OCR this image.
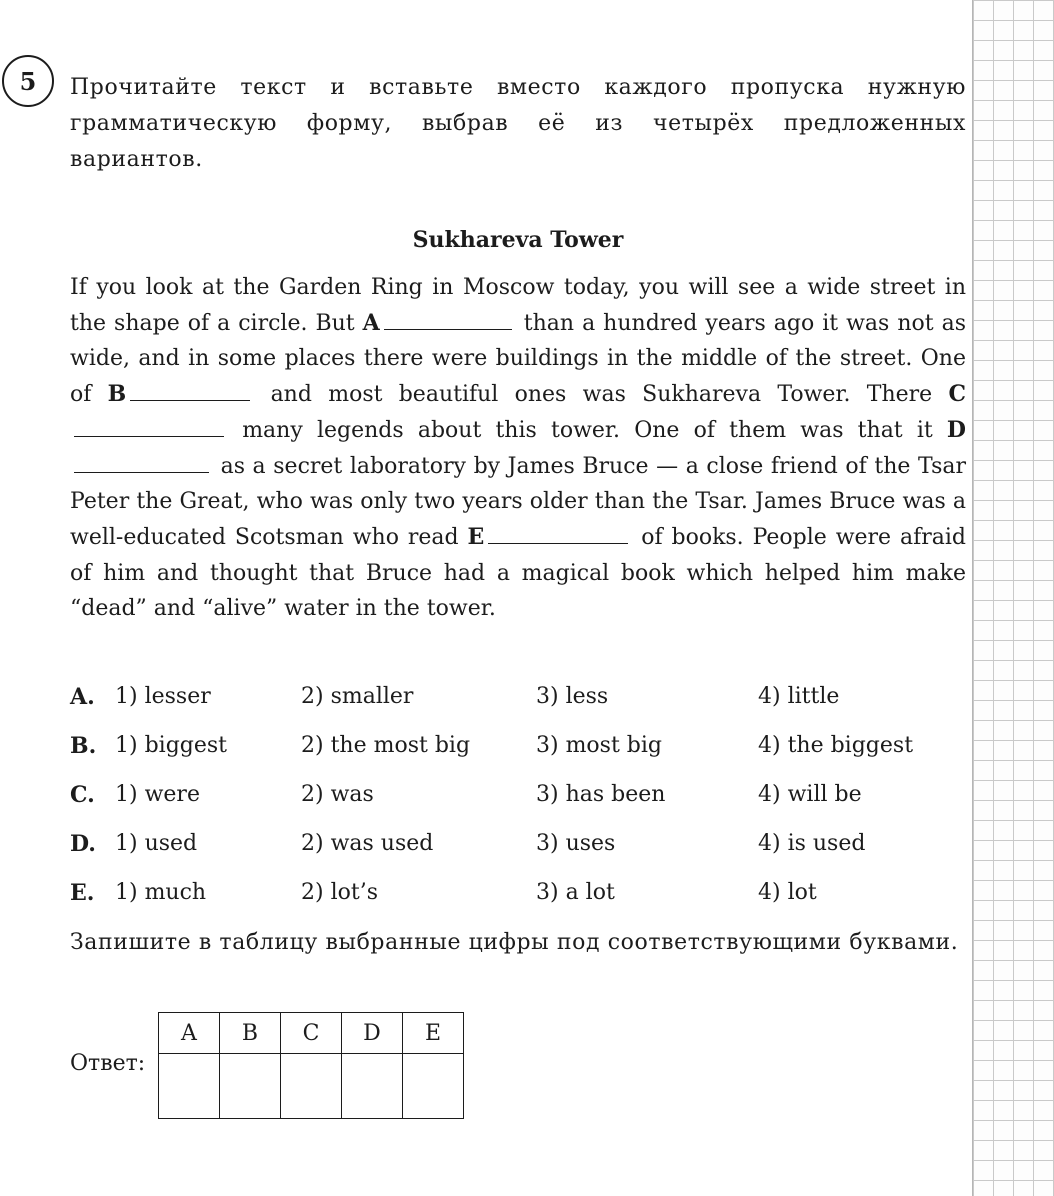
5 Прочитайте текст и вставьте вместо каждого пропуска нужную грамматическую форму, выбрав её из четырёх предложенных вариантов.

Sukhareva Tower

If you look at the Garden Ring in Moscow today, you will see a wide street in the shape of a circle. But A	than a hundred years ago it was not as wide, and in some places there were buildings in the middle of the street. One of B	and most beautiful ones was Sukhareva Tower. There C many legends about this tower. One of them was that it D as a secret laboratory by James Bruce — a close friend of the Tsar Peter the Great, who was only two years older than the Tsar. James Bruce was a well-educated Scotsman who read E	of books. People were afraid of him and thought that Bruce had a magical book which helped him make “dead” and “alive” water in the tower.

A. 1) lesser	2) smaller	3) less	4) little
B. 1) biggest	2) the most big	3) most big	4) the biggest
C. 1) were	2) was	3) has been	4) will be
D. 1) used	2) was used	3) uses	4) is used
E. 1) much	2) lot’s	3) a lot	4) lot

Запишите в таблицу выбранные цифры под соответствующими буквами.

Ответ:
A	B	C	D	E
